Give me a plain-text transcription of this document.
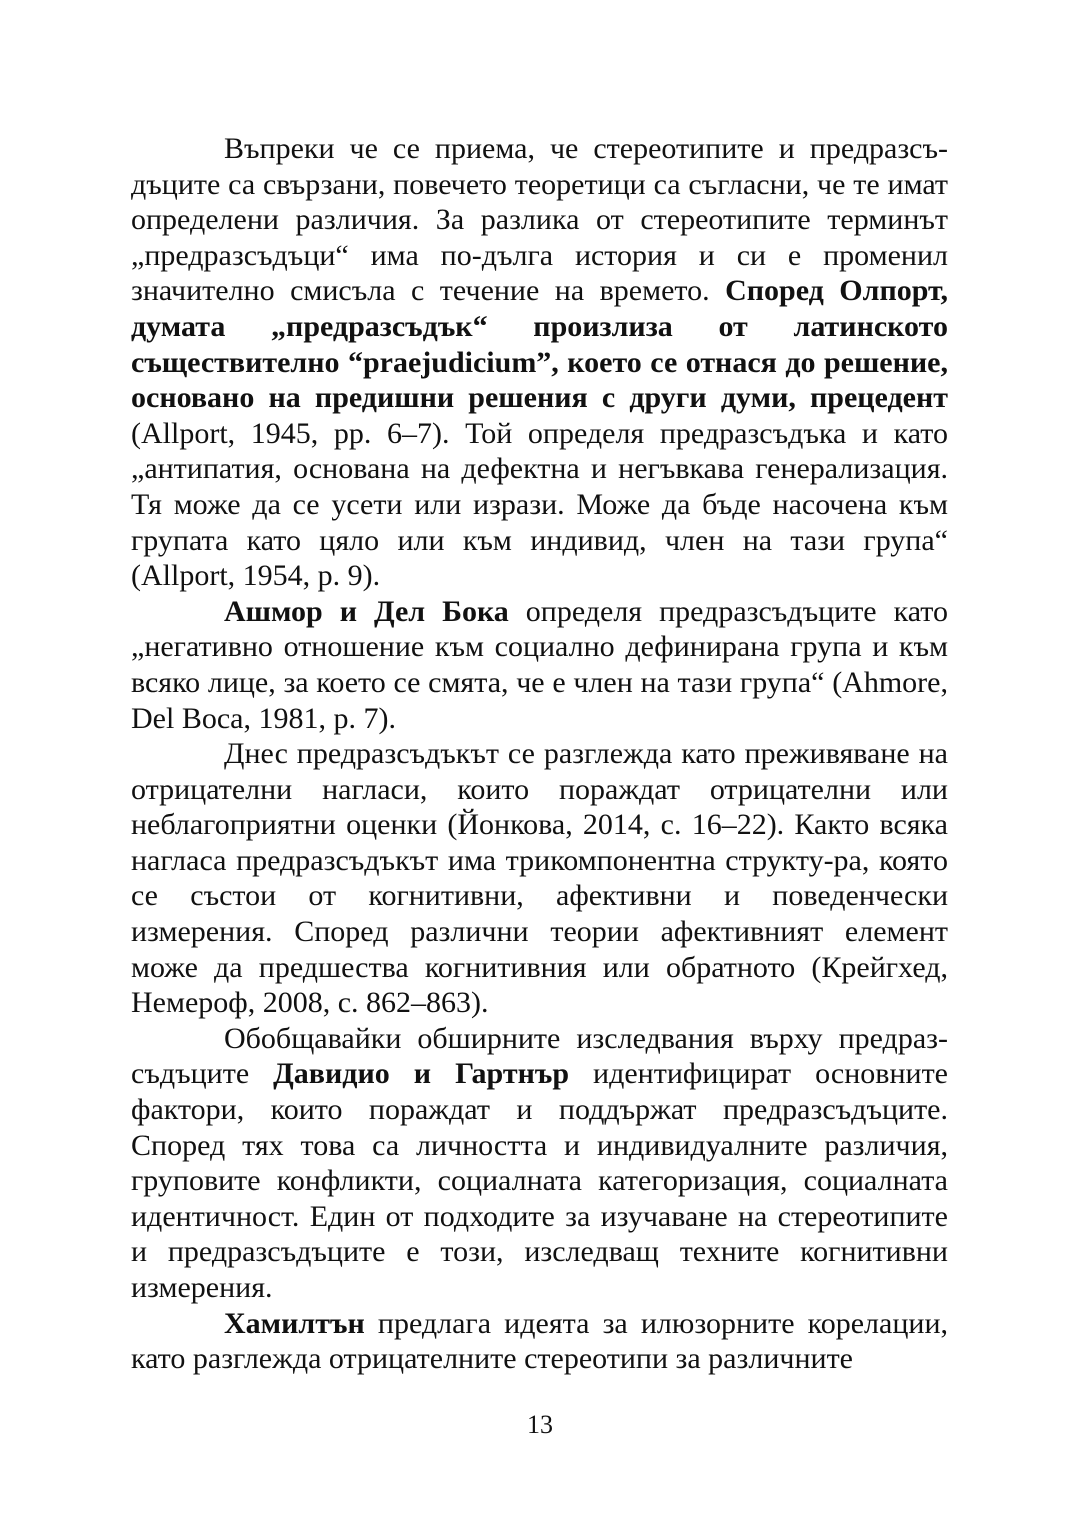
Въпреки че се приема, че стереотипите и предразсъдъците са свързани, повечето теоретици са съгласни, че те имат определени различия. За разлика от стереотипите терминът „предразсъдъци“ има по-дълга история и си е променил значително смисъла с течение на времето. Според Олпорт, думата „предразсъдък“ произлиза от латинското съществително “praejudicium”, което се отнася до решение, основано на предишни решения с други думи, прецедент (Allport, 1945, pp. 6–7). Той определя предразсъдъка и като „антипатия, основана на дефектна и негъвкава генерализация. Тя може да се усети или изрази. Може да бъде насочена към групата като цяло или към индивид, член на тази група“ (Allport, 1954, p. 9).

Ашмор и Дел Бока определя предразсъдъците като „негативно отношение към социално дефинирана група и към всяко лице, за което се смята, че е член на тази група“ (Ahmore, Del Boca, 1981, p. 7).

Днес предразсъдъкът се разглежда като преживяване на отрицателни нагласи, които пораждат отрицателни или неблагоприятни оценки (Йонкова, 2014, с. 16–22). Както всяка нагласа предразсъдъкът има трикомпонентна структу-ра, която се състои от когнитивни, афективни и поведенчески измерения. Според различни теории афективният елемент може да предшества когнитивния или обратното (Крейгхед, Немероф, 2008, с. 862–863).

Обобщавайки обширните изследвания върху предразсъдъците Давидио и Гартнър идентифицират основните фактори, които пораждат и поддържат предразсъдъците. Според тях това са личността и индивидуалните различия, груповите конфликти, социалната категоризация, социалната идентичност. Един от подходите за изучаване на стереотипите и предразсъдъците е този, изследващ техните когнитивни измерения.

Хамилтън предлага идеята за илюзорните корелации, като разглежда отрицателните стереотипи за различните

13
